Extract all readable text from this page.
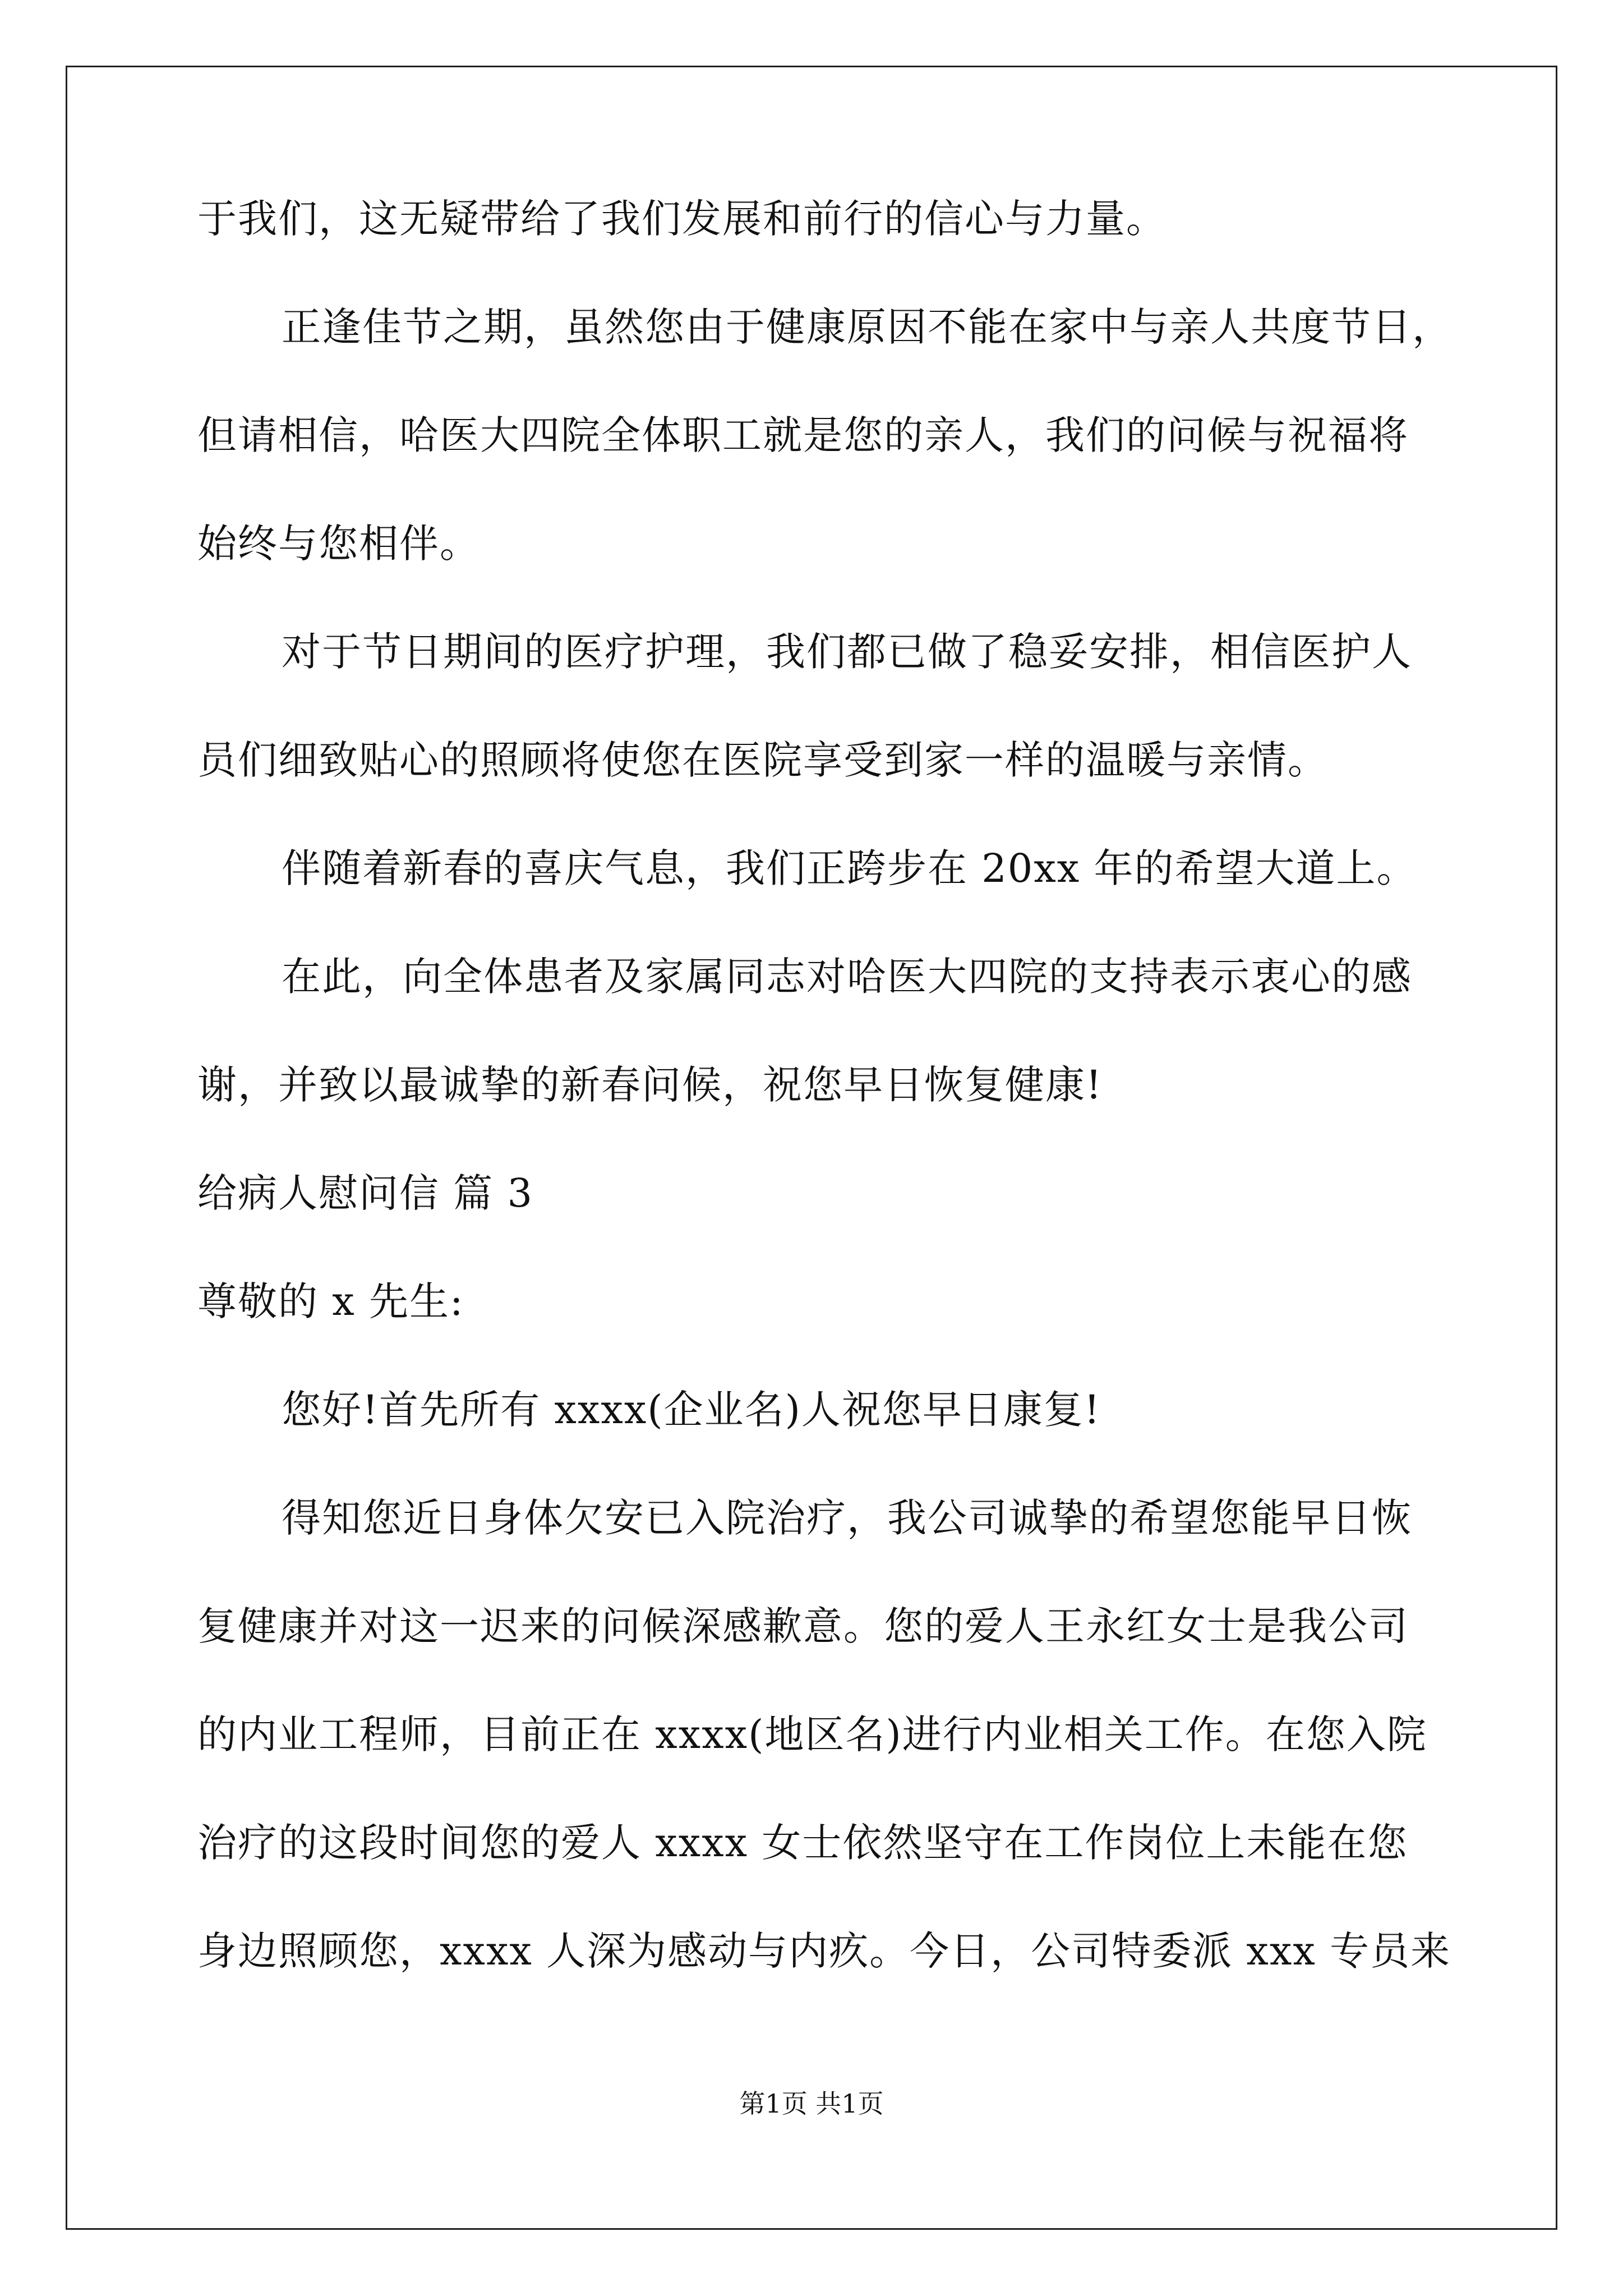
于我们，这无疑带给了我们发展和前行的信心与力量。
正逢佳节之期，虽然您由于健康原因不能在家中与亲人共度节日，
但请相信，哈医大四院全体职工就是您的亲人，我们的问候与祝福将
始终与您相伴。
对于节日期间的医疗护理，我们都已做了稳妥安排，相信医护人
员们细致贴心的照顾将使您在医院享受到家一样的温暖与亲情。
伴随着新春的喜庆气息，我们正跨步在 20xx 年的希望大道上。
在此，向全体患者及家属同志对哈医大四院的支持表示衷心的感
谢，并致以最诚挚的新春问候，祝您早日恢复健康!
给病人慰问信 篇 3
尊敬的 x 先生:
您好!首先所有 xxxx(企业名)人祝您早日康复!
得知您近日身体欠安已入院治疗，我公司诚挚的希望您能早日恢
复健康并对这一迟来的问候深感歉意。您的爱人王永红女士是我公司
的内业工程师，目前正在 xxxx(地区名)进行内业相关工作。在您入院
治疗的这段时间您的爱人 xxxx 女士依然坚守在工作岗位上未能在您
身边照顾您，xxxx 人深为感动与内疚。今日，公司特委派 xxx 专员来
第1页 共1页
